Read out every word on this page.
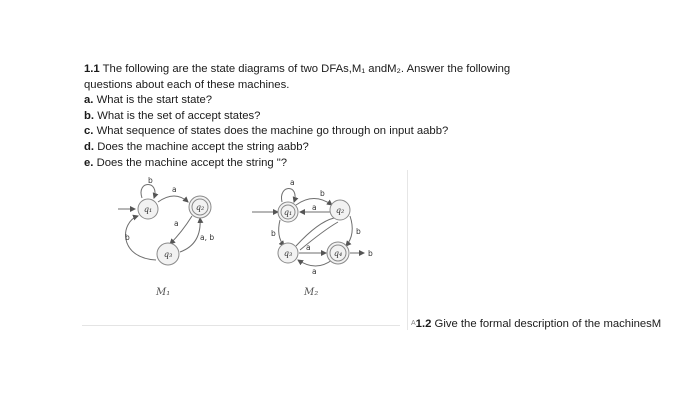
1.1 The following are the state diagrams of two DFAs,M₁ andM₂. Answer the following

questions about each of these machines.

a. What is the start state?

b. What is the set of accept states?

c. What sequence of states does the machine go through on input aabb?

d. Does the machine accept the string aabb?

e. Does the machine accept the string "?

q₁	q₂
q₃
b
a
a
a, b
b
M₁
q₁	q₂
q₃	q₄
a
b
a
b
b
a
a
b
M₂
A1.2 Give the formal description of the machinesM
